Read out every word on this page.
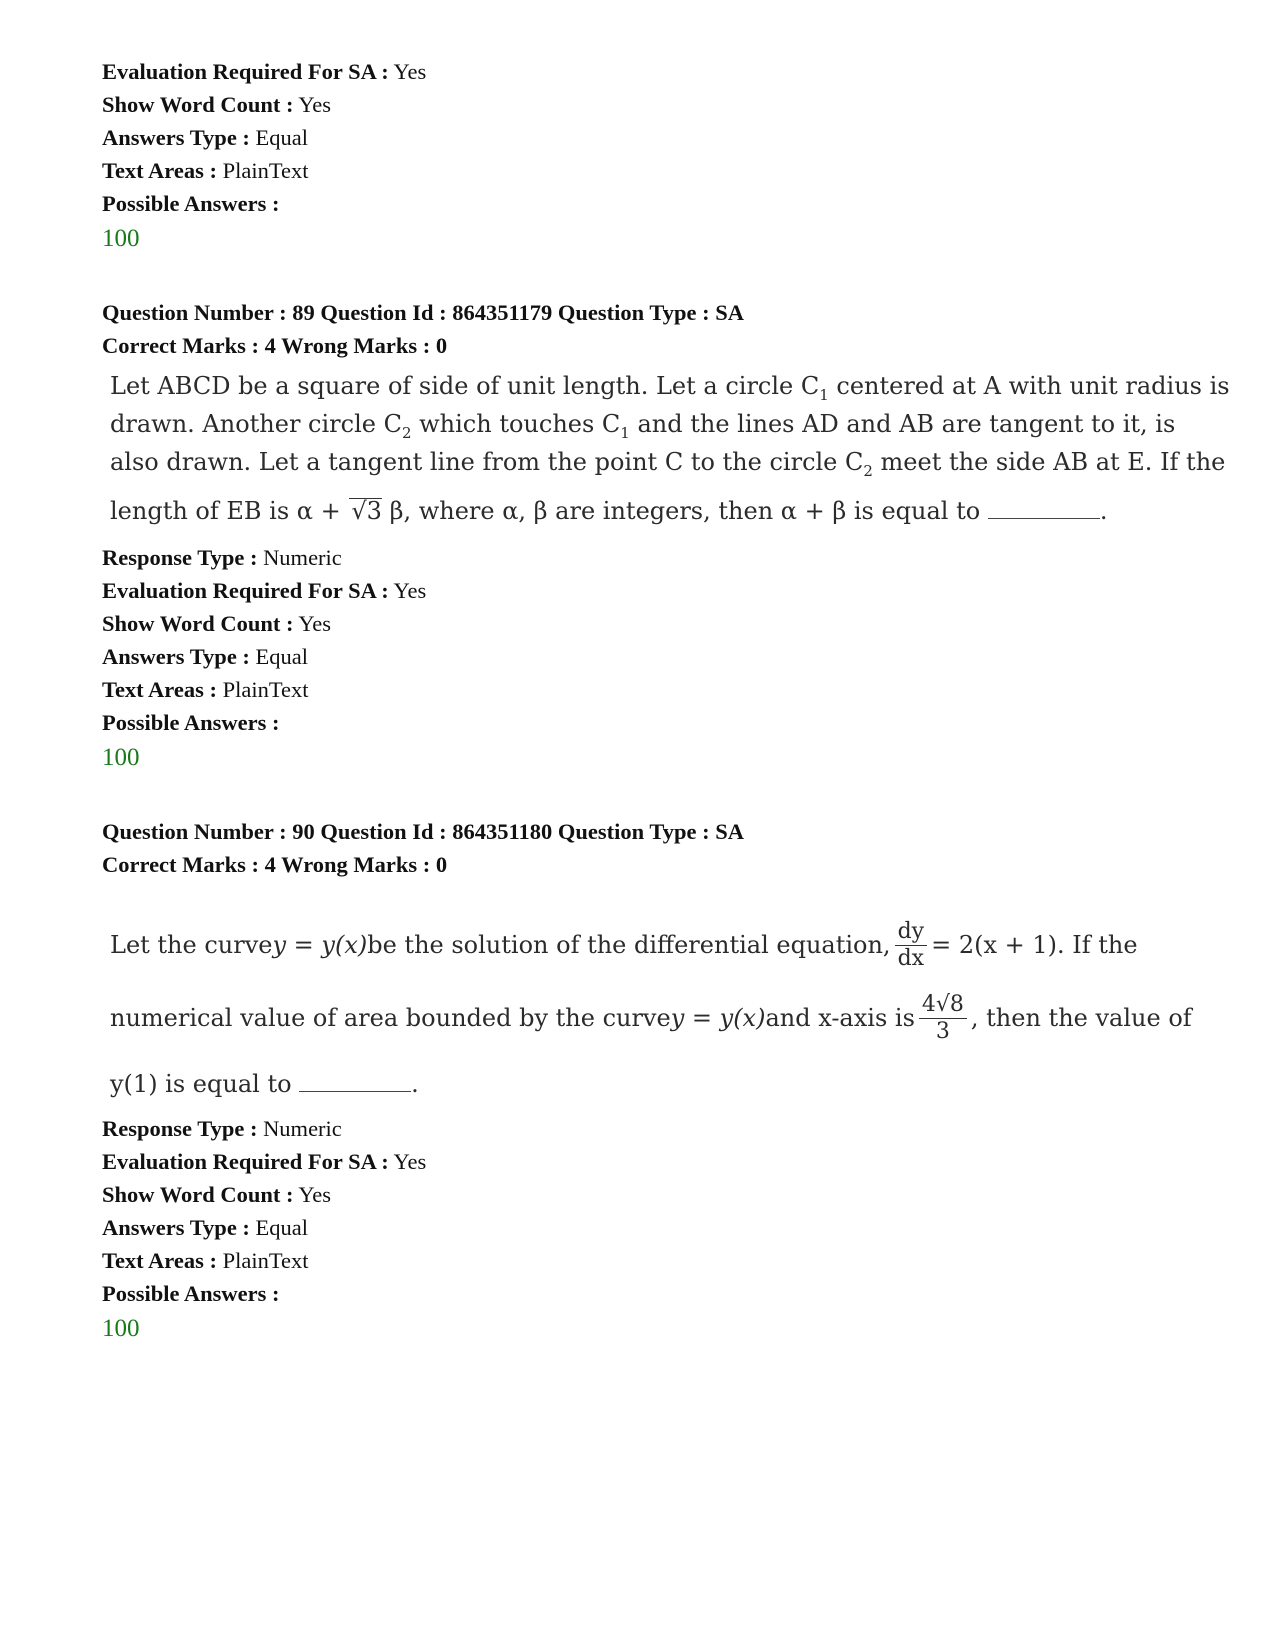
Evaluation Required For SA : Yes
Show Word Count : Yes
Answers Type : Equal
Text Areas : PlainText
Possible Answers :
100
Question Number : 89 Question Id : 864351179 Question Type : SA
Correct Marks : 4 Wrong Marks : 0
Let ABCD be a square of side of unit length. Let a circle $C_1$ centered at A with unit radius is
drawn. Another circle $C_2$ which touches $C_1$ and the lines AD and AB are tangent to it, is
also drawn. Let a tangent line from the point C to the circle $C_2$ meet the side AB at E. If the
length of EB is α + √3 β, where α, β are integers, then α + β is equal to	.
Response Type : Numeric
Evaluation Required For SA : Yes
Show Word Count : Yes
Answers Type : Equal
Text Areas : PlainText
Possible Answers :
100
Question Number : 90 Question Id : 864351180 Question Type : SA
Correct Marks : 4 Wrong Marks : 0
Let the curve y = y(x) be the solution of the differential equation, $\frac{dy}{dx} = 2(x + 1)$. If the
numerical value of area bounded by the curve y = y(x) and x-axis is $\frac{4√8}{3}$ , then the value of
y(1) is equal to	.
Response Type : Numeric
Evaluation Required For SA : Yes
Show Word Count : Yes
Answers Type : Equal
Text Areas : PlainText
Possible Answers :
100
